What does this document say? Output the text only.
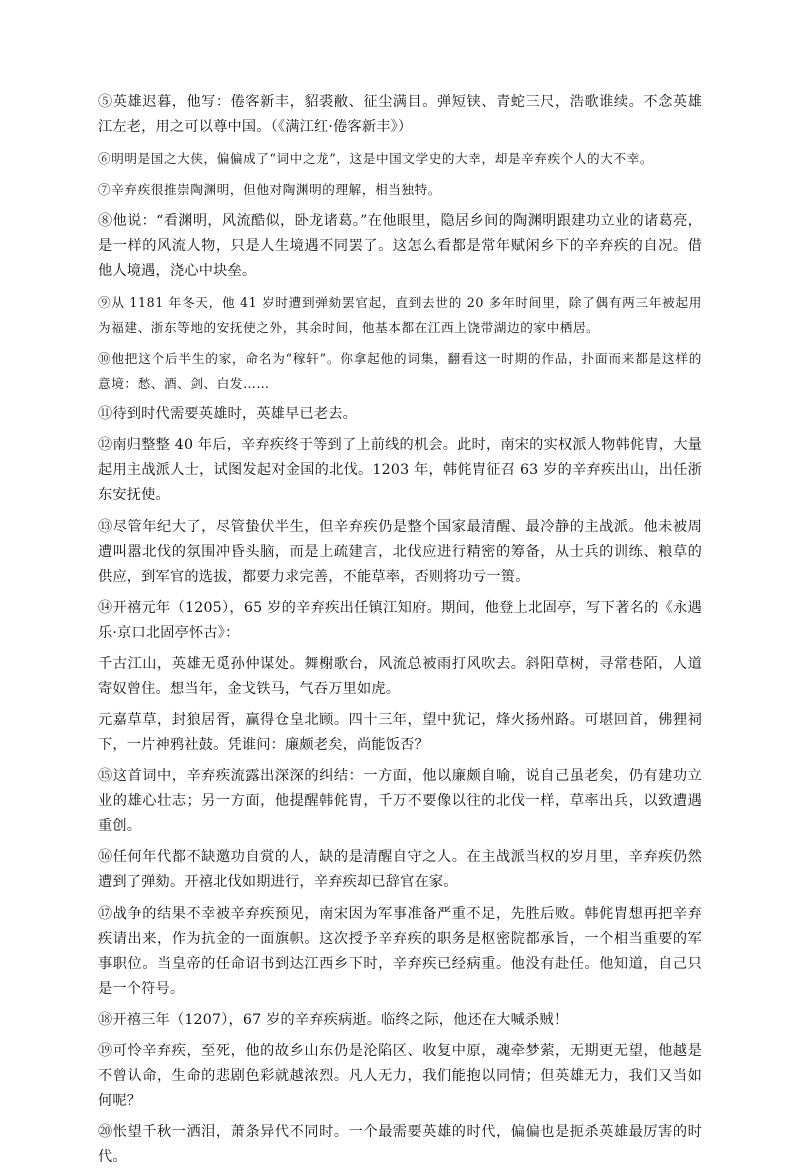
⑤英雄迟暮，他写：倦客新丰，貂裘敝、征尘满目。弹短铗、青蛇三尺，浩歌谁续。不念英雄江左老，用之可以尊中国。（《满江红·倦客新丰》）

⑥明明是国之大侠，偏偏成了“词中之龙”，这是中国文学史的大幸，却是辛弃疾个人的大不幸。

⑦辛弃疾很推崇陶渊明，但他对陶渊明的理解，相当独特。

⑧他说：“看渊明，风流酷似，卧龙诸葛。”在他眼里，隐居乡间的陶渊明跟建功立业的诸葛亮，是一样的风流人物，只是人生境遇不同罢了。这怎么看都是常年赋闲乡下的辛弃疾的自况。借他人境遇，浇心中块垒。

⑨从 1181 年冬天，他 41 岁时遭到弹劾罢官起，直到去世的 20 多年时间里，除了偶有两三年被起用为福建、浙东等地的安抚使之外，其余时间，他基本都在江西上饶带湖边的家中栖居。

⑩他把这个后半生的家，命名为“稼轩”。你拿起他的词集，翻看这一时期的作品，扑面而来都是这样的意境：愁、酒、剑、白发……

⑪待到时代需要英雄时，英雄早已老去。

⑫南归整整 40 年后，辛弃疾终于等到了上前线的机会。此时，南宋的实权派人物韩侂胄，大量起用主战派人士，试图发起对金国的北伐。1203 年，韩侂胄征召 63 岁的辛弃疾出山，出任浙东安抚使。

⑬尽管年纪大了，尽管蛰伏半生，但辛弃疾仍是整个国家最清醒、最冷静的主战派。他未被周遭叫嚣北伐的氛围冲昏头脑，而是上疏建言，北伐应进行精密的筹备，从士兵的训练、粮草的供应，到军官的选拔，都要力求完善，不能草率，否则将功亏一篑。

⑭开禧元年（1205），65 岁的辛弃疾出任镇江知府。期间，他登上北固亭，写下著名的《永遇乐·京口北固亭怀古》：

千古江山，英雄无觅孙仲谋处。舞榭歌台，风流总被雨打风吹去。斜阳草树，寻常巷陌，人道寄奴曾住。想当年，金戈铁马，气吞万里如虎。

元嘉草草，封狼居胥，赢得仓皇北顾。四十三年，望中犹记，烽火扬州路。可堪回首，佛狸祠下，一片神鸦社鼓。凭谁问：廉颇老矣，尚能饭否？

⑮这首词中，辛弃疾流露出深深的纠结：一方面，他以廉颇自喻，说自己虽老矣，仍有建功立业的雄心壮志；另一方面，他提醒韩侂胄，千万不要像以往的北伐一样，草率出兵，以致遭遇重创。

⑯任何年代都不缺邀功自赏的人，缺的是清醒自守之人。在主战派当权的岁月里，辛弃疾仍然遭到了弹劾。开禧北伐如期进行，辛弃疾却已辞官在家。

⑰战争的结果不幸被辛弃疾预见，南宋因为军事准备严重不足，先胜后败。韩侂胄想再把辛弃疾请出来，作为抗金的一面旗帜。这次授予辛弃疾的职务是枢密院都承旨，一个相当重要的军事职位。当皇帝的任命诏书到达江西乡下时，辛弃疾已经病重。他没有赴任。他知道，自己只是一个符号。

⑱开禧三年（1207），67 岁的辛弃疾病逝。临终之际，他还在大喊杀贼！

⑲可怜辛弃疾，至死，他的故乡山东仍是沦陷区、收复中原，魂牵梦萦，无期更无望，他越是不曾认命，生命的悲剧色彩就越浓烈。凡人无力，我们能抱以同情；但英雄无力，我们又当如何呢？

⑳怅望千秋一洒泪，萧条异代不同时。一个最需要英雄的时代，偏偏也是扼杀英雄最厉害的时代。
